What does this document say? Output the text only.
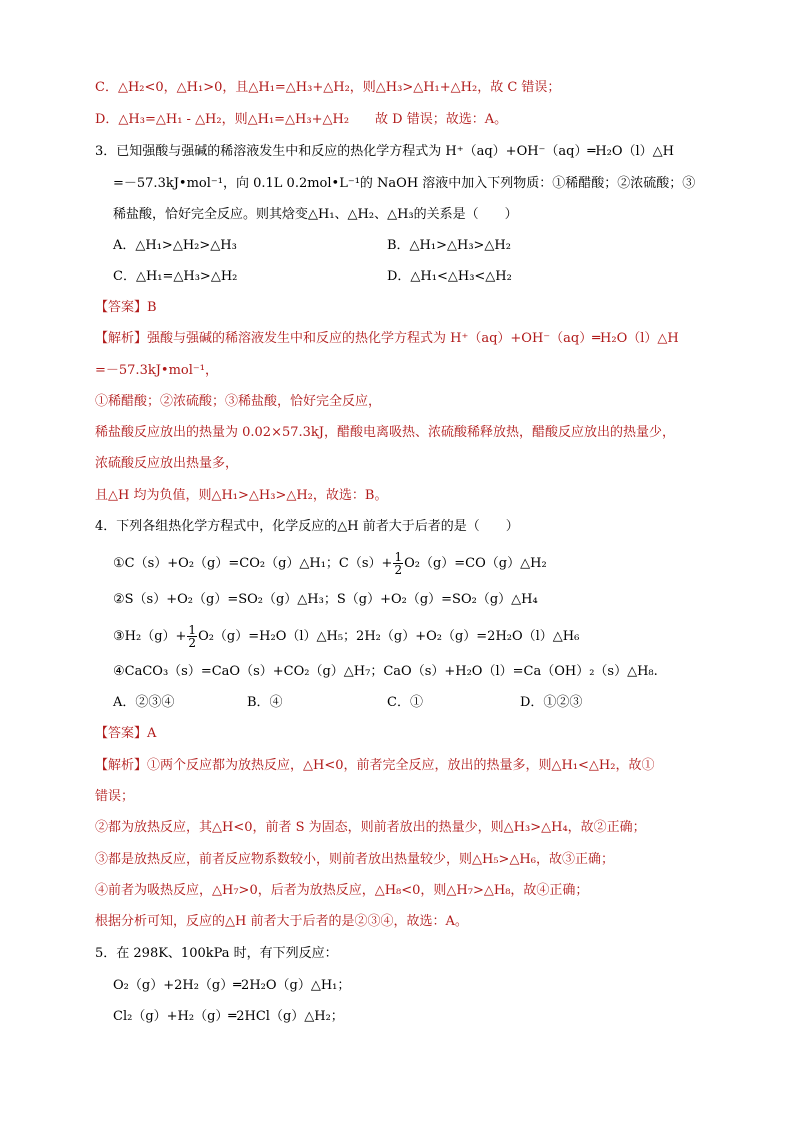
C．△H₂<0，△H₁>0，且△H₁=△H₃+△H₂，则△H₃>△H₁+△H₂，故 C 错误；
D．△H₃=△H₁ - △H₂，则△H₁=△H₃+△H₂　　故 D 错误；故选：A。
3．已知强酸与强碱的稀溶液发生中和反应的热化学方程式为 H⁺（aq）+OH⁻（aq）═H₂O（l）△H
=－57.3kJ•mol⁻¹，向 0.1L 0.2mol•L⁻¹的 NaOH 溶液中加入下列物质：①稀醋酸；②浓硫酸；③
稀盐酸，恰好完全反应。则其焓变△H₁、△H₂、△H₃的关系是（　　）
A．△H₁>△H₂>△H₃	B．△H₁>△H₃>△H₂
C．△H₁=△H₃>△H₂	D．△H₁<△H₃<△H₂
【答案】B
【解析】强酸与强碱的稀溶液发生中和反应的热化学方程式为 H⁺（aq）+OH⁻（aq）═H₂O（l）△H
=－57.3kJ•mol⁻¹，
①稀醋酸；②浓硫酸；③稀盐酸，恰好完全反应，
稀盐酸反应放出的热量为 0.02×57.3kJ，醋酸电离吸热、浓硫酸稀释放热，醋酸反应放出的热量少，
浓硫酸反应放出热量多，
且△H 均为负值，则△H₁>△H₃>△H₂，故选：B。
4．下列各组热化学方程式中，化学反应的△H 前者大于后者的是（　　）
①C（s）+O₂（g）=CO₂（g）△H₁；$C(s)+ \frac{1}{2}$ O₂（g）=CO（g）△H₂
②S（s）+O₂（g）=SO₂（g）△H₃；S（g）+O₂（g）=SO₂（g）△H₄
③H₂（g）+ $\frac{1}{2}$ O₂（g）=H₂O（l）△H₅；2H₂（g）+O₂（g）=2H₂O（l）△H₆
④CaCO₃（s）=CaO（s）+CO₂（g）△H₇；CaO（s）+H₂O（l）=Ca（OH）₂（s）△H₈.
A．②③④	B．④	C．①	D．①②③
【答案】A
【解析】①两个反应都为放热反应，△H<0，前者完全反应，放出的热量多，则△H₁<△H₂，故①
错误；
②都为放热反应，其△H<0，前者 S 为固态，则前者放出的热量少，则△H₃>△H₄，故②正确；
③都是放热反应，前者反应物系数较小，则前者放出热量较少，则△H₅>△H₆，故③正确；
④前者为吸热反应，△H₇>0，后者为放热反应，△H₈<0，则△H₇>△H₈，故④正确；
根据分析可知，反应的△H 前者大于后者的是②③④，故选：A。
5．在 298K、100kPa 时，有下列反应：
O₂（g）+2H₂（g）═2H₂O（g）△H₁；
Cl₂（g）+H₂（g）═2HCl（g）△H₂；
